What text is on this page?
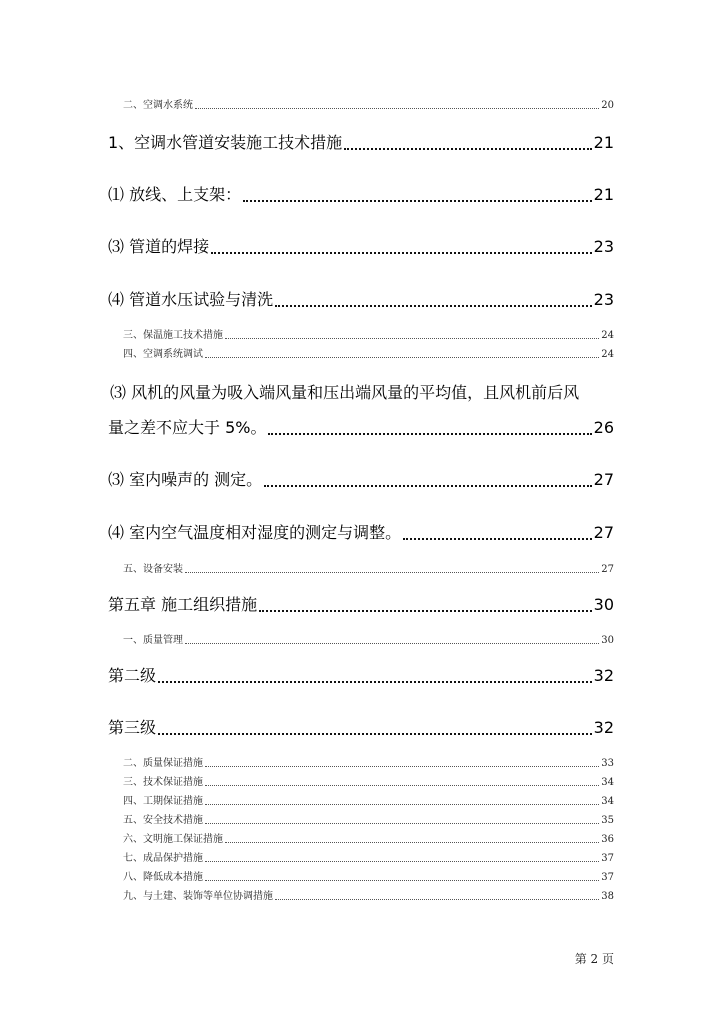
二、空调水系统	20
1、空调水管道安装施工技术措施	21
⑴ 放线、上支架：	21
⑶ 管道的焊接	23
⑷ 管道水压试验与清洗	23
三、保温施工技术措施	24
四、空调系统调试	24
⑶ 风机的风量为吸入端风量和压出端风量的平均值，且风机前后风
量之差不应大于 5%。	26
⑶ 室内噪声的 测定。	27
⑷ 室内空气温度相对湿度的测定与调整。	27
五、设备安装	27
第五章 施工组织措施	30
一、质量管理	30
第二级	32
第三级	32
二、质量保证措施	33
三、技术保证措施	34
四、工期保证措施	34
五、安全技术措施	35
六、文明施工保证措施	36
七、成品保护措施	37
八、降低成本措施	37
九、与土建、装饰等单位协调措施	38
第 2 页
